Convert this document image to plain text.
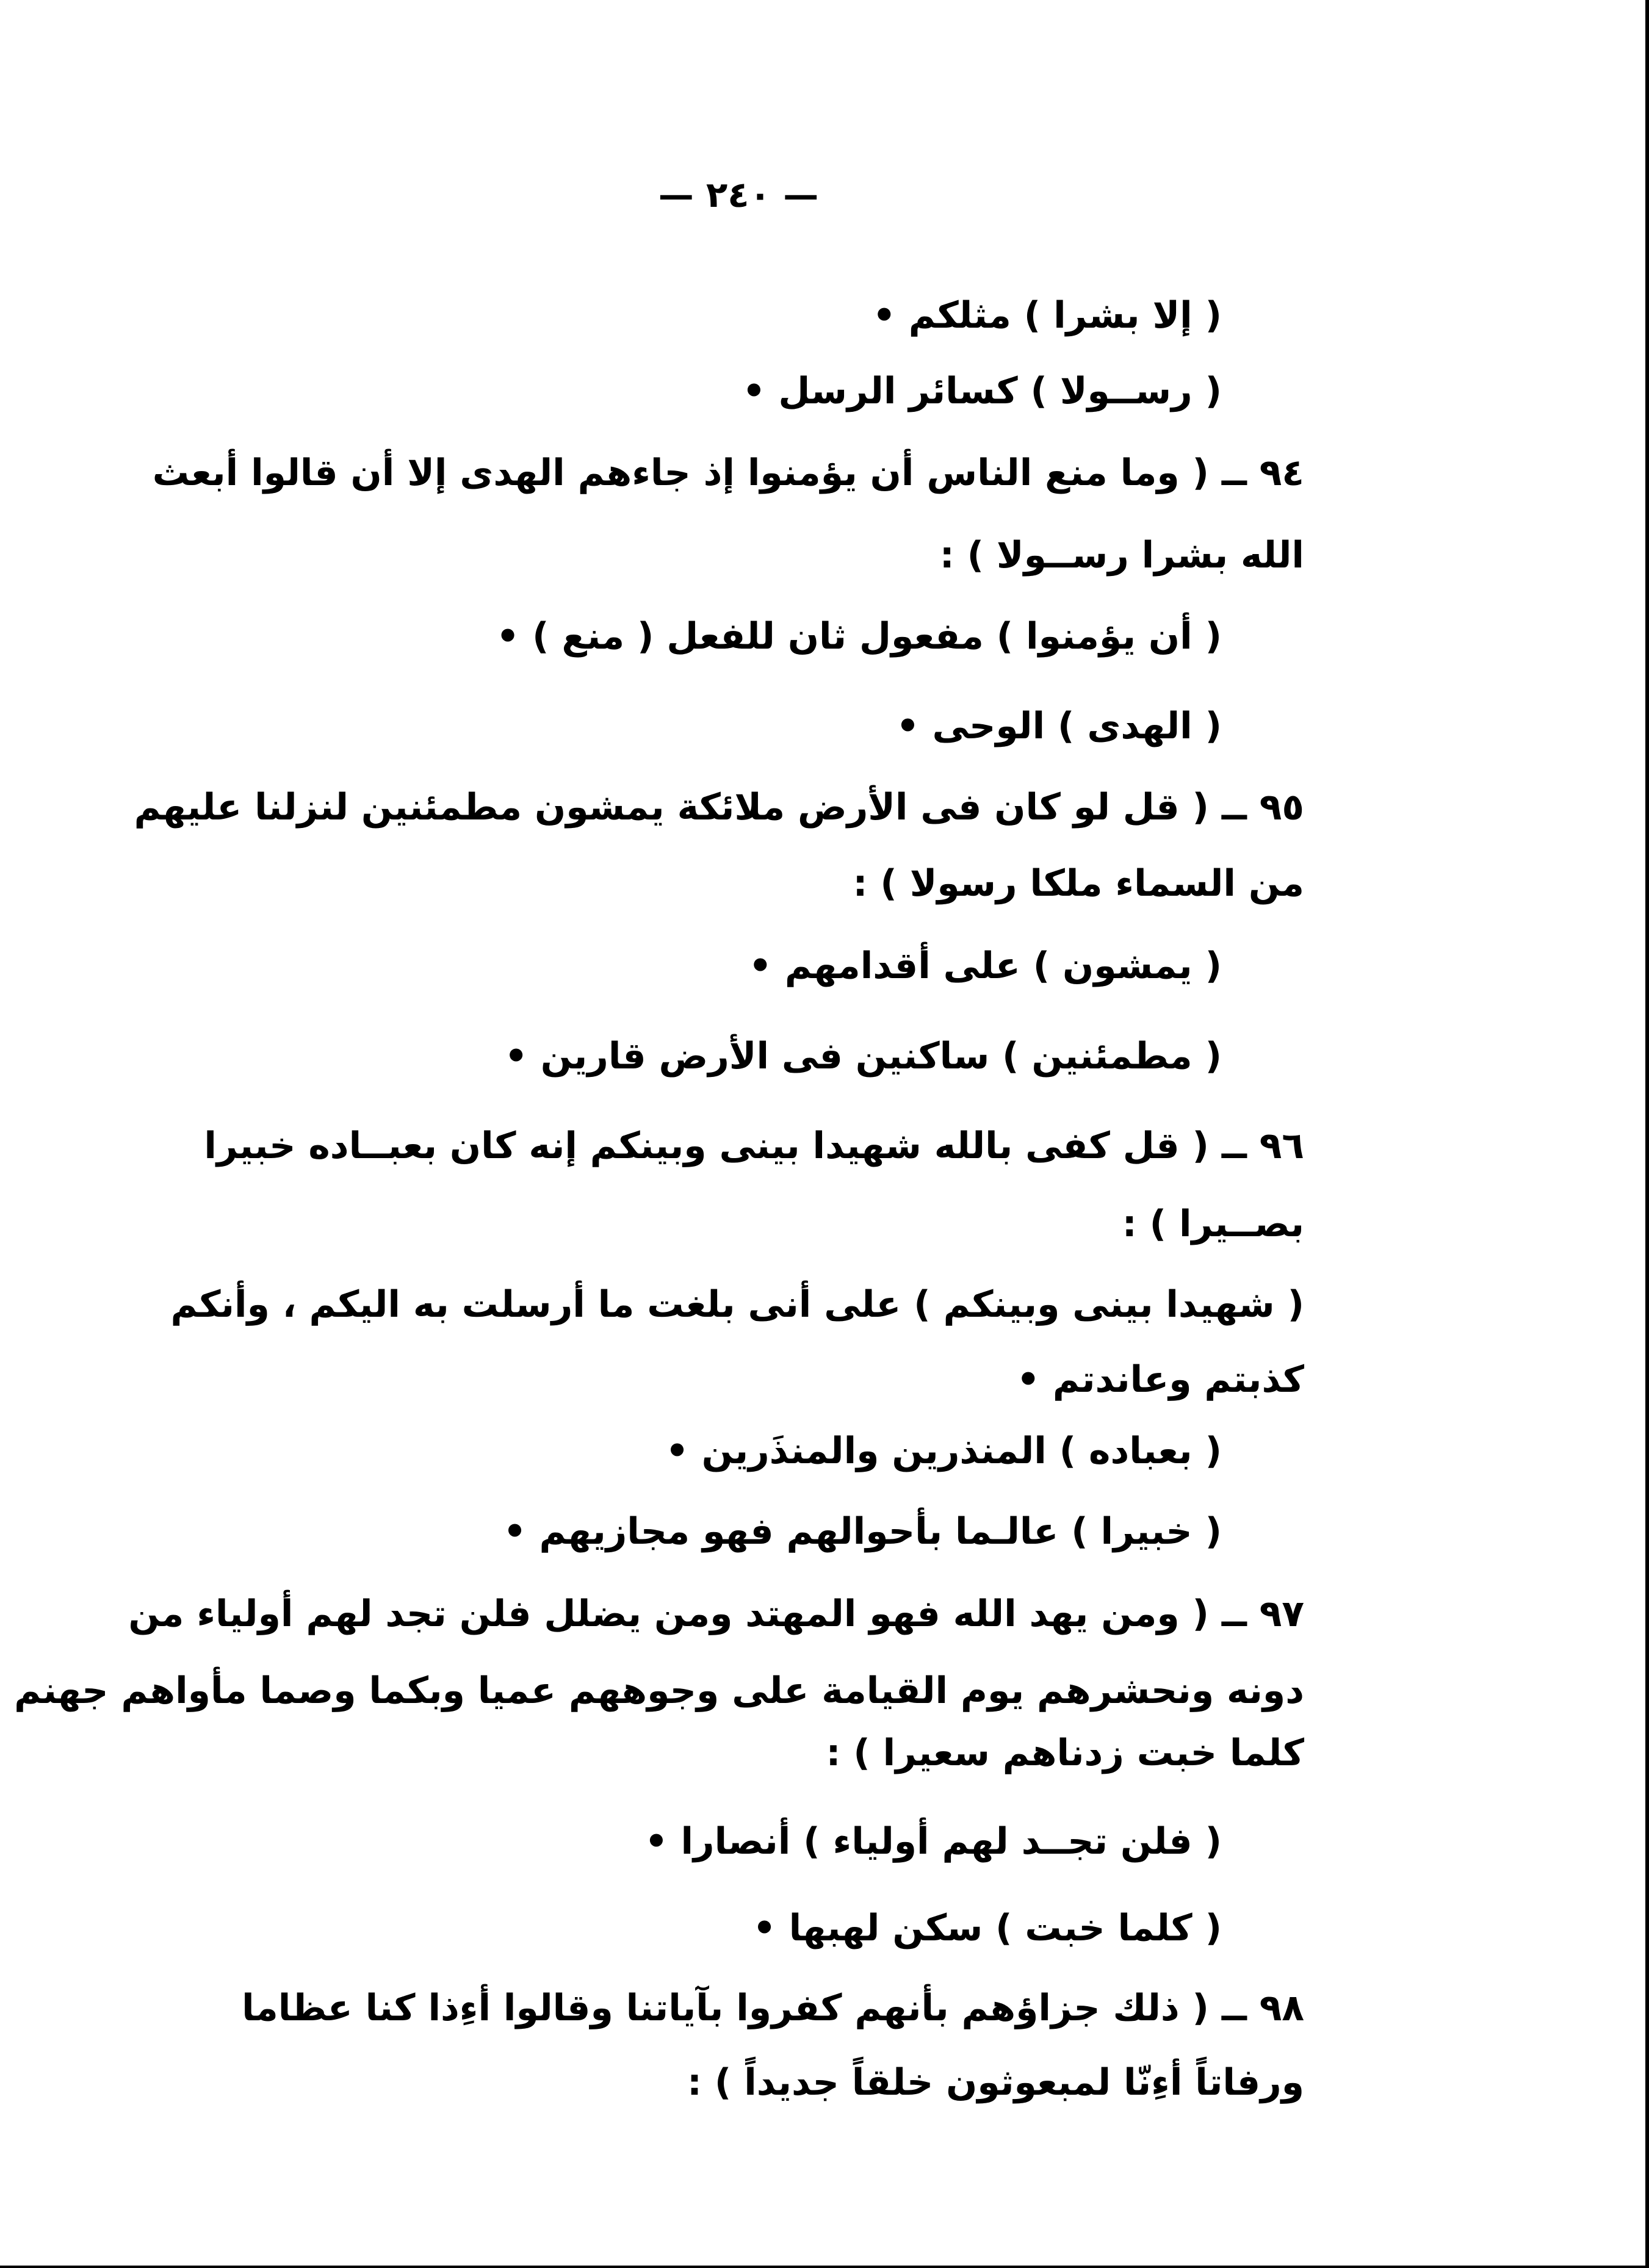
— ٢٤٠ —
( إلا بشرا ) مثلكم •
( رســولا ) كسائر الرسل •
٩٤ ــ ( وما منع الناس أن يؤمنوا إذ جاءهم الهدى إلا أن قالوا أبعث
الله بشرا رســولا ) :
( أن يؤمنوا ) مفعول ثان للفعل ( منع ) •
( الهدى ) الوحى •
٩٥ ــ ( قل لو كان فى الأرض ملائكة يمشون مطمئنين لنزلنا عليهم
من السماء ملكا رسولا ) :
( يمشون ) على أقدامهم •
( مطمئنين ) ساكنين فى الأرض قارين •
٩٦ ــ ( قل كفى بالله شهيدا بينى وبينكم إنه كان بعبــاده خبيرا
بصــيرا ) :
( شهيدا بينى وبينكم ) على أنى بلغت ما أرسلت به اليكم ، وأنكم
كذبتم وعاندتم •
( بعباده ) المنذرين والمنذَرين •
( خبيرا ) عالـما بأحوالهم فهو مجازيهم •
٩٧ ــ ( ومن يهد الله فهو المهتد ومن يضلل فلن تجد لهم أولياء من
دونه ونحشرهم يوم القيامة على وجوههم عميا وبكما وصما مأواهم جهنم
كلما خبت زدناهم سعيرا ) :
( فلن تجــد لهم أولياء ) أنصارا •
( كلما خبت ) سكن لهبها •
٩٨ ــ ( ذلك جزاؤهم بأنهم كفروا بآياتنا وقالوا أءِذا كنا عظاما
ورفاتاً أءِنّا لمبعوثون خلقاً جديداً ) :
